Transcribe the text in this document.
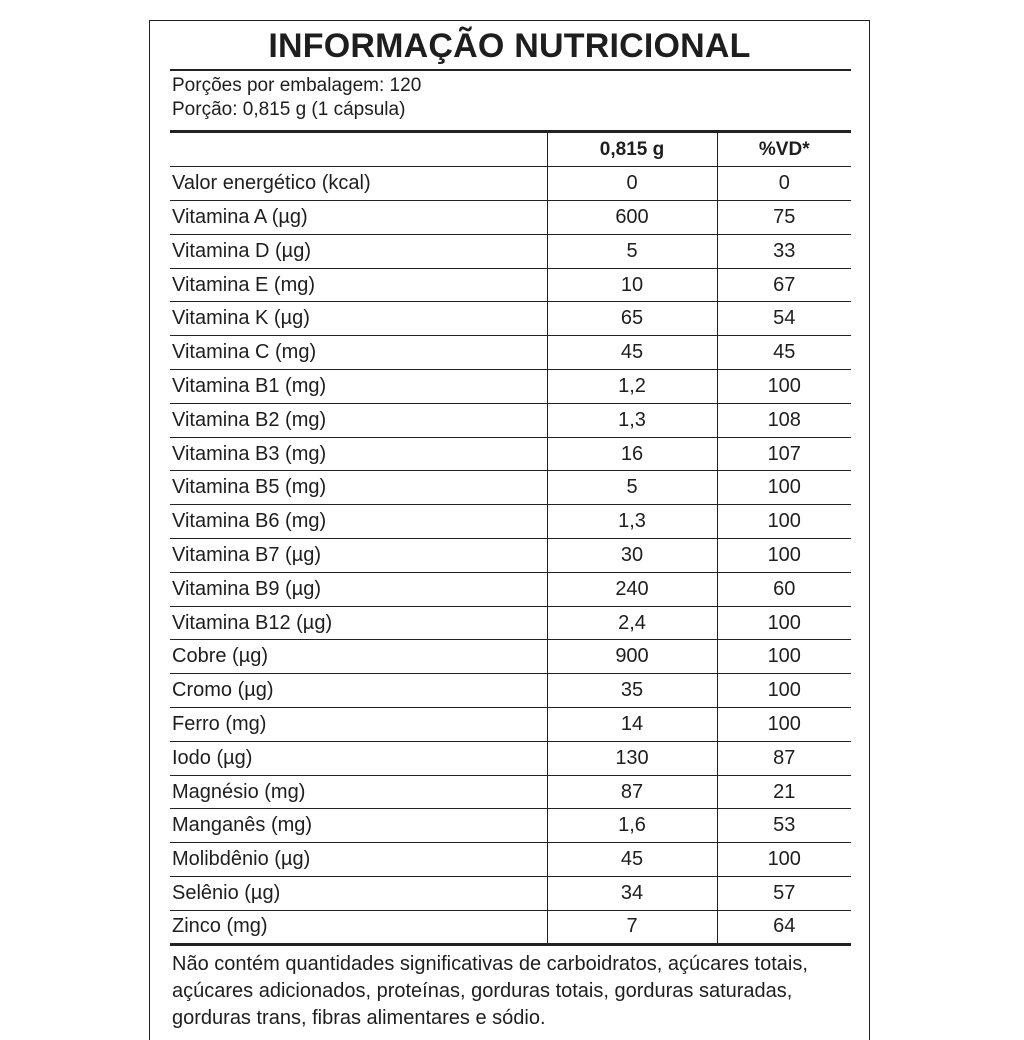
INFORMAÇÃO NUTRICIONAL
Porções por embalagem: 120
Porção: 0,815 g (1 cápsula)
	0,815 g	%VD*
Valor energético (kcal)	0	0
Vitamina A (µg)	600	75
Vitamina D (µg)	5	33
Vitamina E (mg)	10	67
Vitamina K (µg)	65	54
Vitamina C (mg)	45	45
Vitamina B1 (mg)	1,2	100
Vitamina B2 (mg)	1,3	108
Vitamina B3 (mg)	16	107
Vitamina B5 (mg)	5	100
Vitamina B6 (mg)	1,3	100
Vitamina B7 (µg)	30	100
Vitamina B9 (µg)	240	60
Vitamina B12 (µg)	2,4	100
Cobre (µg)	900	100
Cromo (µg)	35	100
Ferro (mg)	14	100
Iodo (µg)	130	87
Magnésio (mg)	87	21
Manganês (mg)	1,6	53
Molibdênio (µg)	45	100
Selênio (µg)	34	57
Zinco (mg)	7	64
Não contém quantidades significativas de carboidratos, açúcares totais, açúcares adicionados, proteínas, gorduras totais, gorduras saturadas, gorduras trans, fibras alimentares e sódio.
